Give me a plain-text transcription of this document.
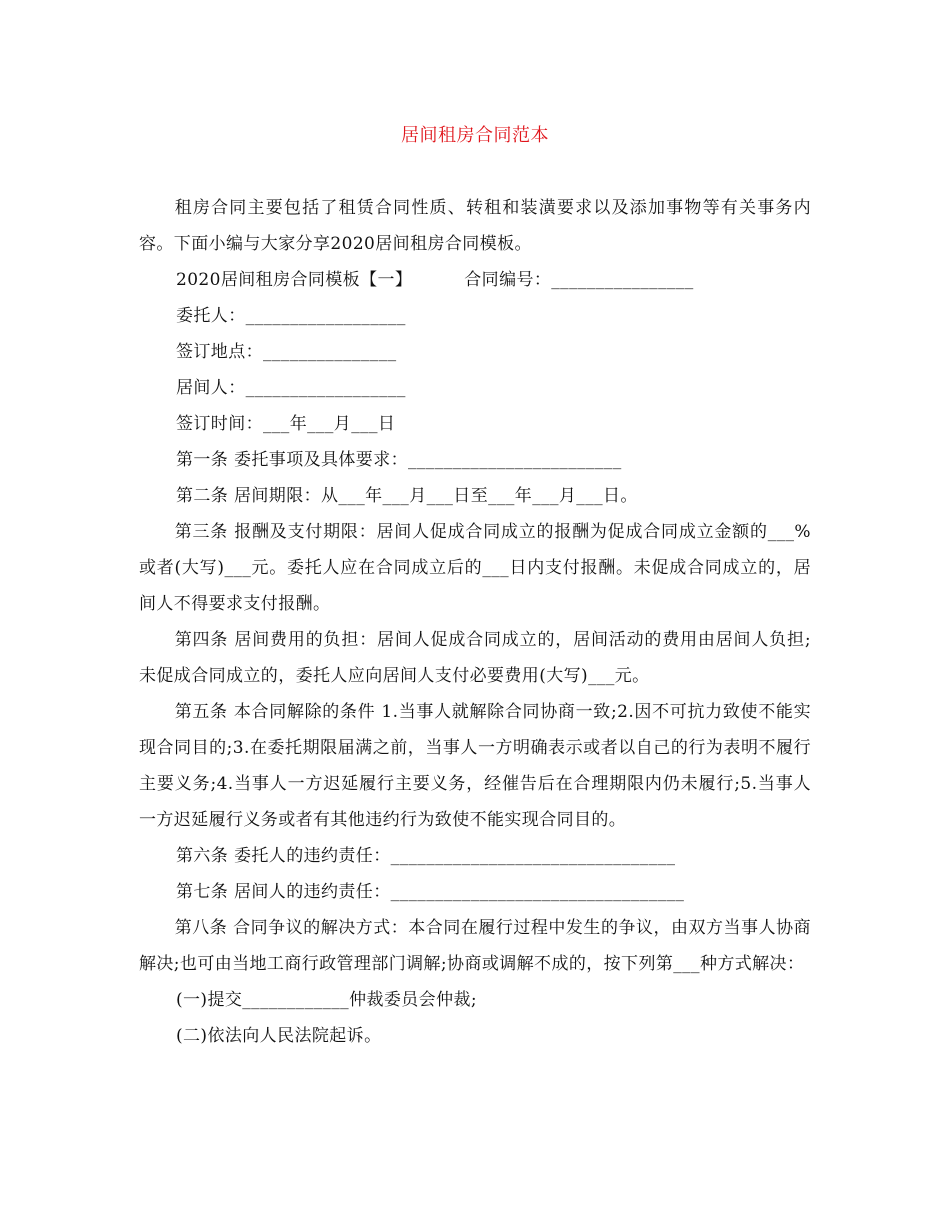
居间租房合同范本

租房合同主要包括了租赁合同性质、转租和装潢要求以及添加事物等有关事务内容。下面小编与大家分享2020居间租房合同模板。

2020居间租房合同模板【一】	合同编号：________________

委托人：__________________

签订地点：_______________

居间人：__________________

签订时间：___年___月___日

第一条 委托事项及具体要求：________________________

第二条 居间期限：从___年___月___日至___年___月___日。

第三条 报酬及支付期限：居间人促成合同成立的报酬为促成合同成立金额的___%或者(大写)___元。委托人应在合同成立后的___日内支付报酬。未促成合同成立的，居间人不得要求支付报酬。

第四条 居间费用的负担：居间人促成合同成立的，居间活动的费用由居间人负担;未促成合同成立的，委托人应向居间人支付必要费用(大写)___元。

第五条 本合同解除的条件 1.当事人就解除合同协商一致;2.因不可抗力致使不能实现合同目的;3.在委托期限届满之前，当事人一方明确表示或者以自己的行为表明不履行主要义务;4.当事人一方迟延履行主要义务，经催告后在合理期限内仍未履行;5.当事人一方迟延履行义务或者有其他违约行为致使不能实现合同目的。

第六条 委托人的违约责任：________________________________

第七条 居间人的违约责任：_________________________________

第八条 合同争议的解决方式：本合同在履行过程中发生的争议，由双方当事人协商解决;也可由当地工商行政管理部门调解;协商或调解不成的，按下列第___种方式解决：

(一)提交____________仲裁委员会仲裁;

(二)依法向人民法院起诉。
